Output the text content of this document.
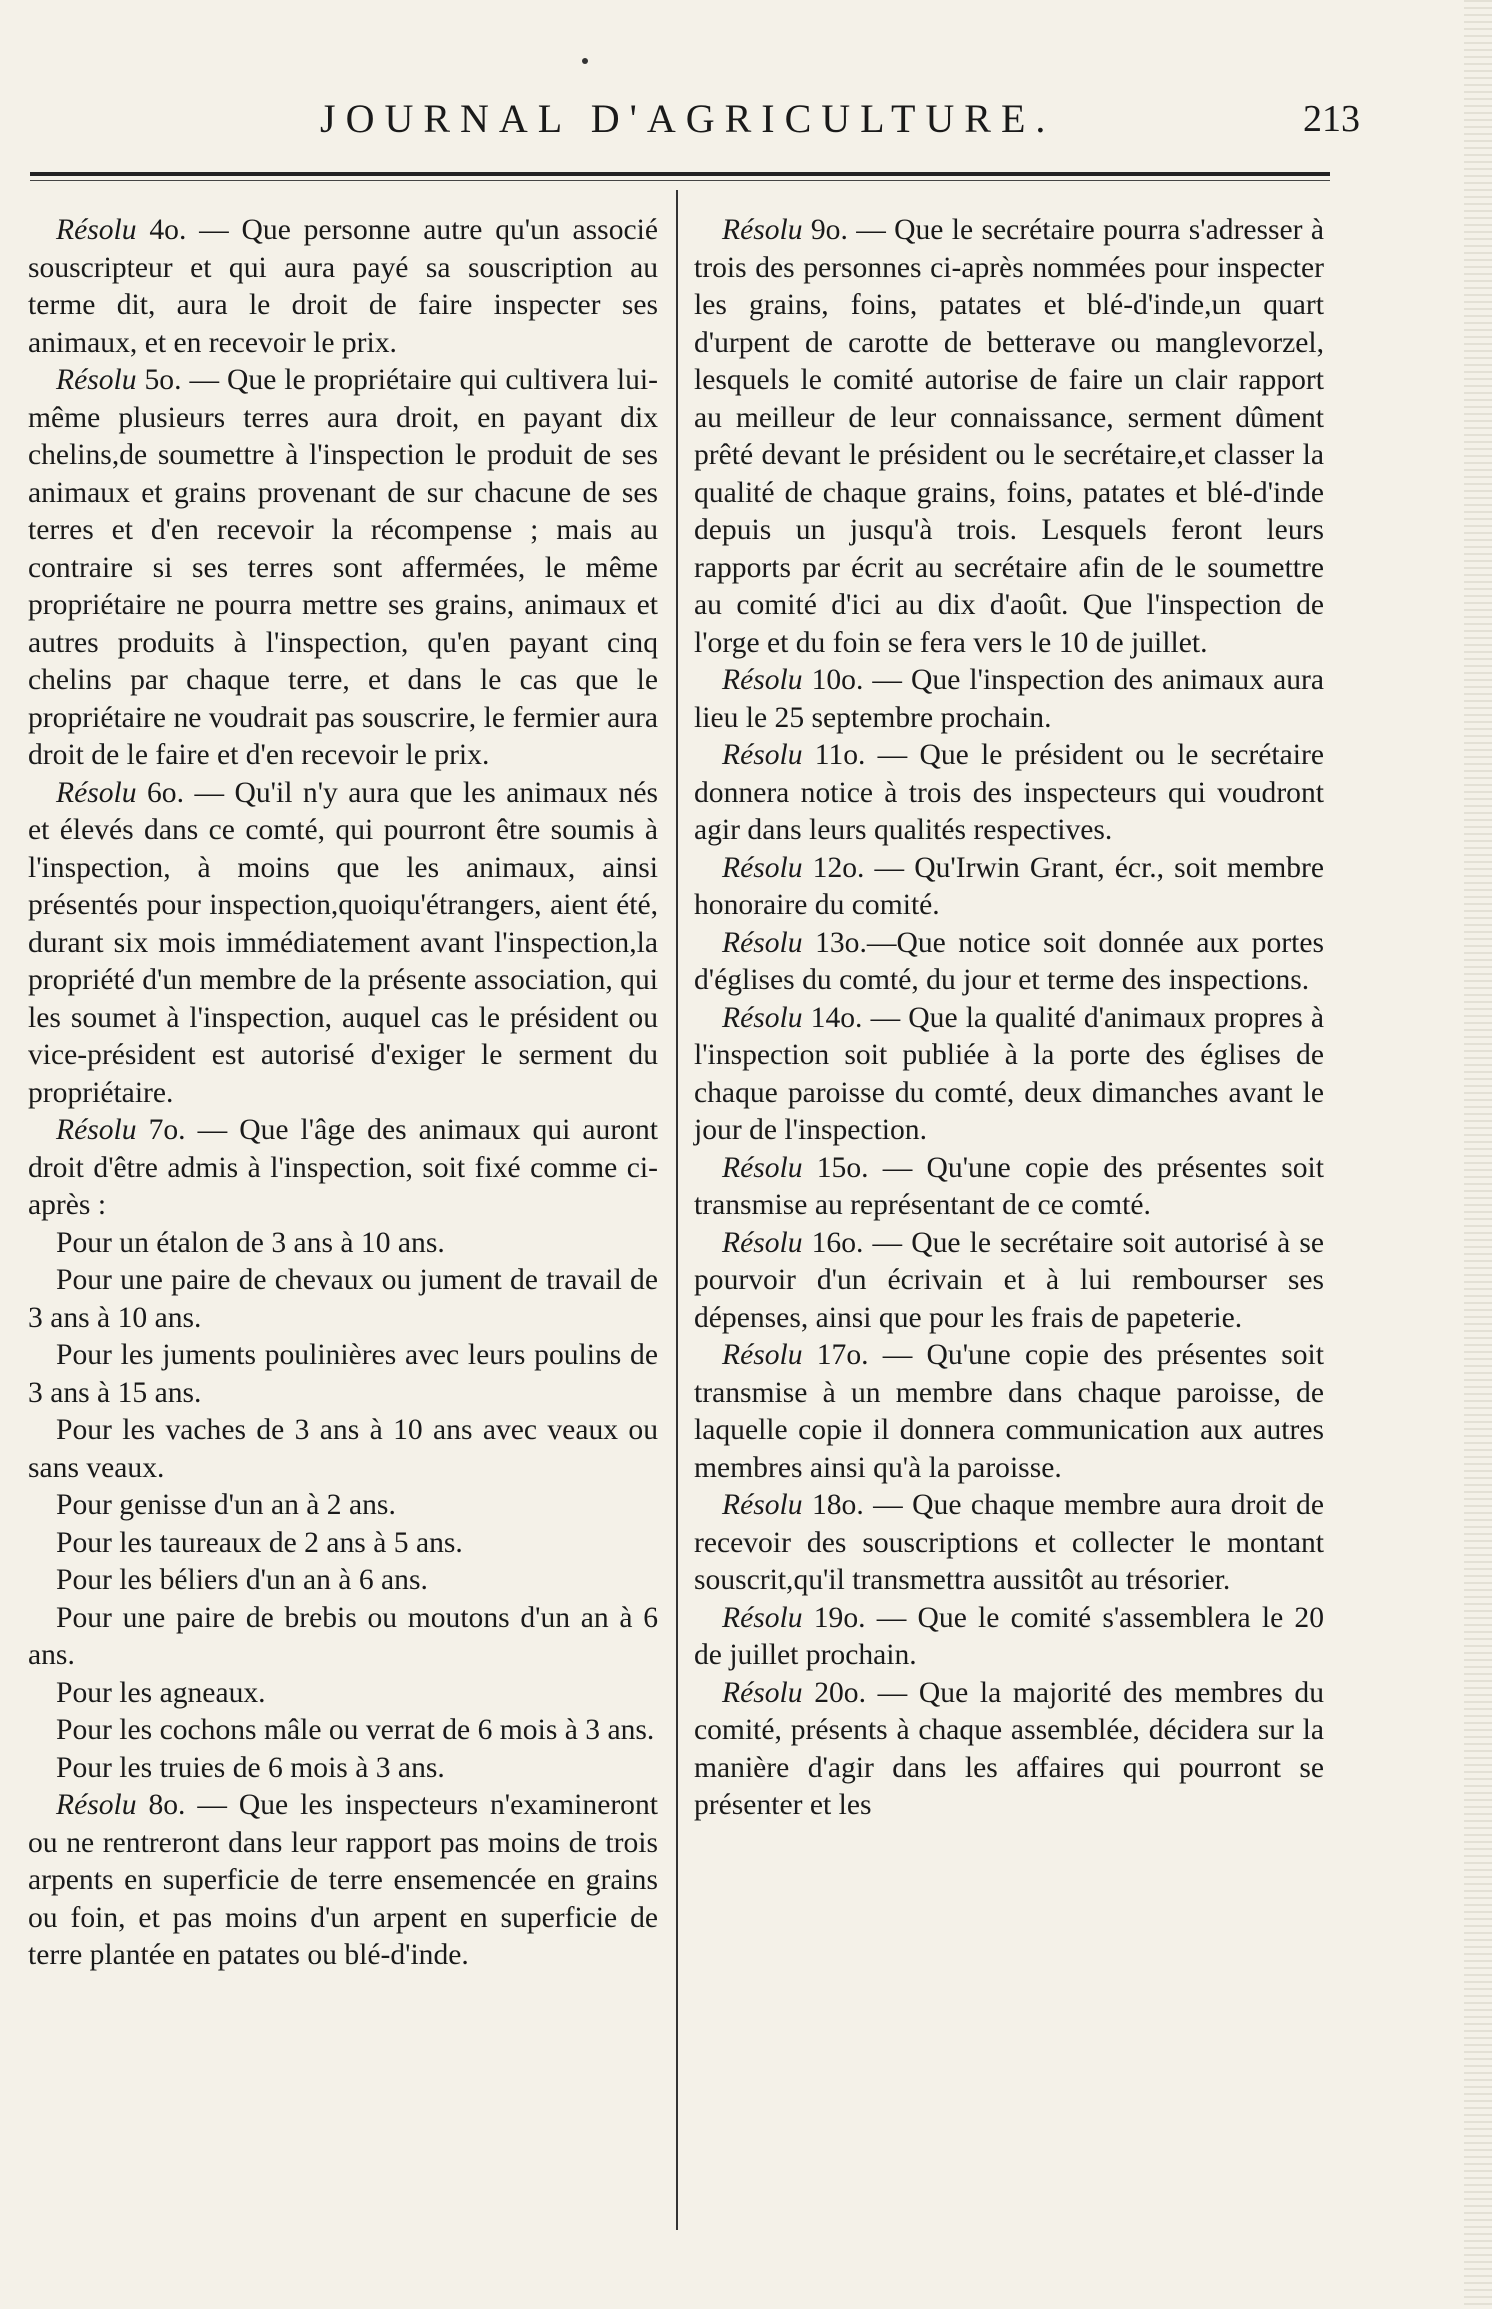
JOURNAL D'AGRICULTURE.	213

Résolu 4o. — Que personne autre qu'un associé souscripteur et qui aura payé sa souscription au terme dit, aura le droit de faire inspecter ses animaux, et en recevoir le prix.

Résolu 5o. — Que le propriétaire qui cultivera lui-même plusieurs terres aura droit, en payant dix chelins,de soumettre à l'inspection le produit de ses animaux et grains provenant de sur chacune de ses terres et d'en recevoir la récompense ; mais au contraire si ses terres sont affermées, le même propriétaire ne pourra mettre ses grains, animaux et autres produits à l'inspection, qu'en payant cinq chelins par chaque terre, et dans le cas que le propriétaire ne voudrait pas souscrire, le fermier aura droit de le faire et d'en recevoir le prix.

Résolu 6o. — Qu'il n'y aura que les animaux nés et élevés dans ce comté, qui pourront être soumis à l'inspection, à moins que les animaux, ainsi présentés pour inspection,quoiqu'étrangers, aient été, durant six mois immédiatement avant l'inspection,la propriété d'un membre de la présente association, qui les soumet à l'inspection, auquel cas le président ou vice-président est autorisé d'exiger le serment du propriétaire.

Résolu 7o. — Que l'âge des animaux qui auront droit d'être admis à l'inspection, soit fixé comme ci-après :

Pour un étalon de 3 ans à 10 ans.

Pour une paire de chevaux ou jument de travail de 3 ans à 10 ans.

Pour les juments poulinières avec leurs poulins de 3 ans à 15 ans.

Pour les vaches de 3 ans à 10 ans avec veaux ou sans veaux.

Pour genisse d'un an à 2 ans.

Pour les taureaux de 2 ans à 5 ans.

Pour les béliers d'un an à 6 ans.

Pour une paire de brebis ou moutons d'un an à 6 ans.

Pour les agneaux.

Pour les cochons mâle ou verrat de 6 mois à 3 ans.

Pour les truies de 6 mois à 3 ans.

Résolu 8o. — Que les inspecteurs n'examineront ou ne rentreront dans leur rapport pas moins de trois arpents en superficie de terre ensemencée en grains ou foin, et pas moins d'un arpent en superficie de terre plantée en patates ou blé-d'inde.

Résolu 9o. — Que le secrétaire pourra s'adresser à trois des personnes ci-après nommées pour inspecter les grains, foins, patates et blé-d'inde,un quart d'urpent de carotte de betterave ou manglevorzel, lesquels le comité autorise de faire un clair rapport au meilleur de leur connaissance, serment dûment prêté devant le président ou le secrétaire,et classer la qualité de chaque grains, foins, patates et blé-d'inde depuis un jusqu'à trois. Lesquels feront leurs rapports par écrit au secrétaire afin de le soumettre au comité d'ici au dix d'août. Que l'inspection de l'orge et du foin se fera vers le 10 de juillet.

Résolu 10o. — Que l'inspection des animaux aura lieu le 25 septembre prochain.

Résolu 11o. — Que le président ou le secrétaire donnera notice à trois des inspecteurs qui voudront agir dans leurs qualités respectives.

Résolu 12o. — Qu'Irwin Grant, écr., soit membre honoraire du comité.

Résolu 13o.—Que notice soit donnée aux portes d'églises du comté, du jour et terme des inspections.

Résolu 14o. — Que la qualité d'animaux propres à l'inspection soit publiée à la porte des églises de chaque paroisse du comté, deux dimanches avant le jour de l'inspection.

Résolu 15o. — Qu'une copie des présentes soit transmise au représentant de ce comté.

Résolu 16o. — Que le secrétaire soit autorisé à se pourvoir d'un écrivain et à lui rembourser ses dépenses, ainsi que pour les frais de papeterie.

Résolu 17o. — Qu'une copie des présentes soit transmise à un membre dans chaque paroisse, de laquelle copie il donnera communication aux autres membres ainsi qu'à la paroisse.

Résolu 18o. — Que chaque membre aura droit de recevoir des souscriptions et collecter le montant souscrit,qu'il transmettra aussitôt au trésorier.

Résolu 19o. — Que le comité s'assemblera le 20 de juillet prochain.

Résolu 20o. — Que la majorité des membres du comité, présents à chaque assemblée, décidera sur la manière d'agir dans les affaires qui pourront se présenter et les
